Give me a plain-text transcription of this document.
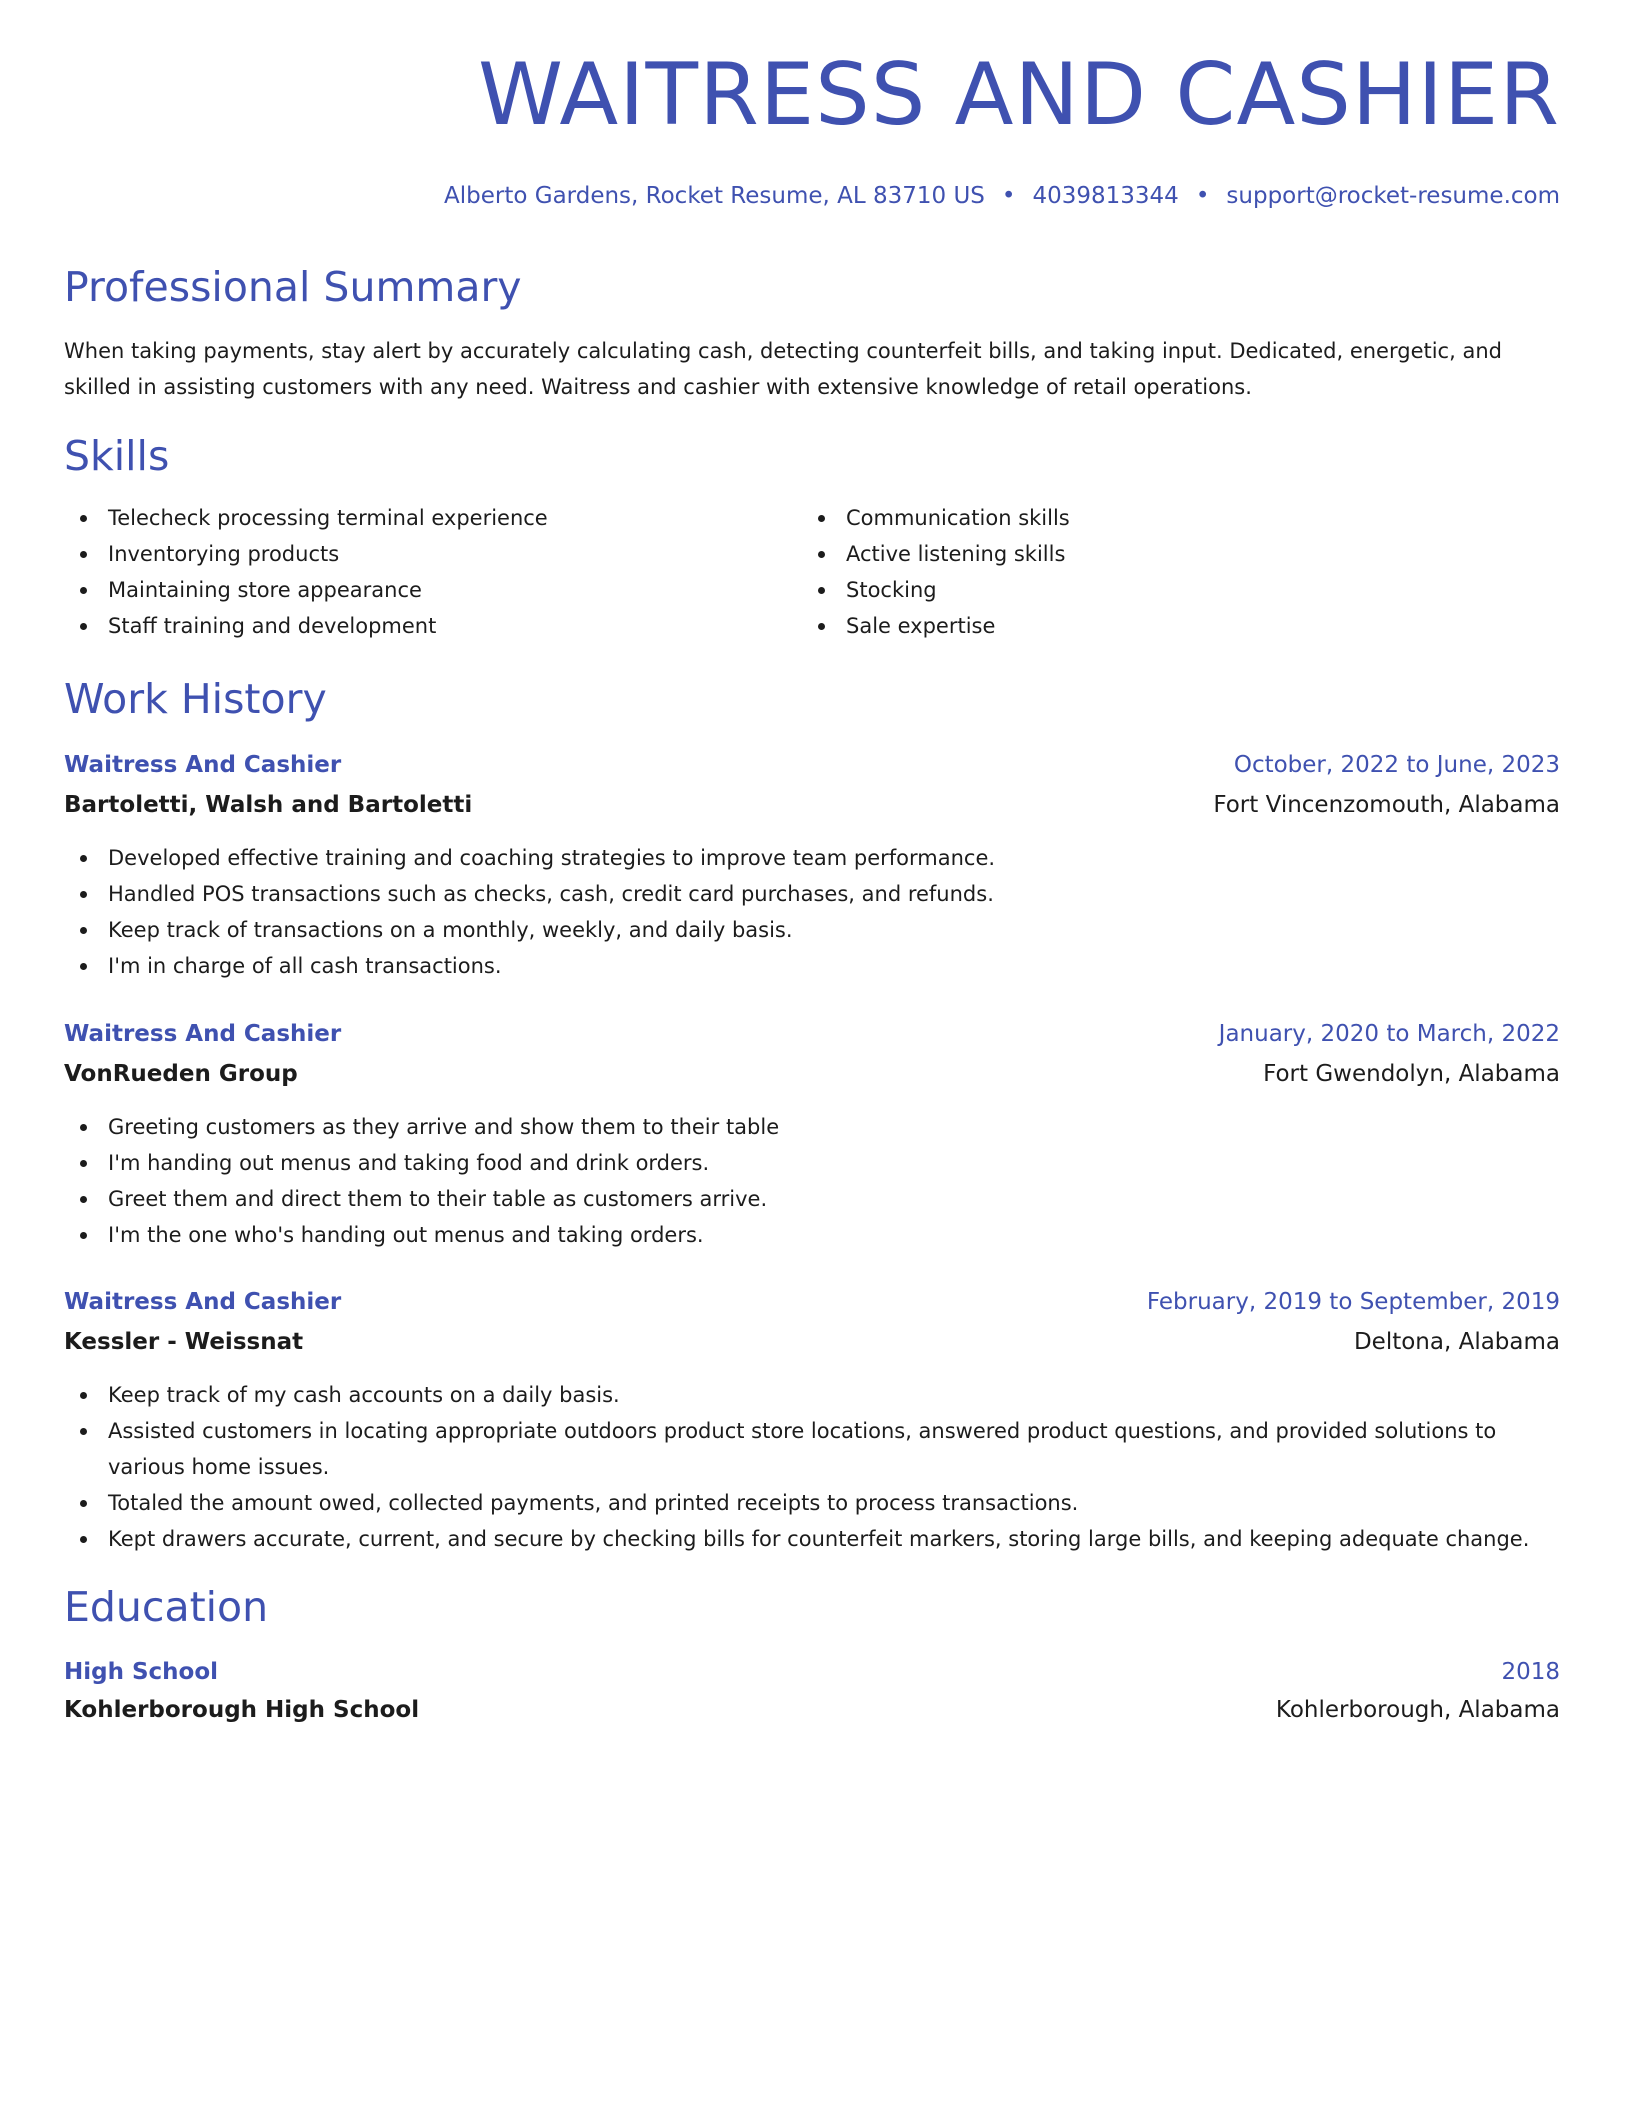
WAITRESS AND CASHIER
Alberto Gardens, Rocket Resume, AL 83710 US • 4039813344 • support@rocket-resume.com
Professional Summary

When taking payments, stay alert by accurately calculating cash, detecting counterfeit bills, and taking input. Dedicated, energetic, and skilled in assisting customers with any need. Waitress and cashier with extensive knowledge of retail operations.

Skills
Telecheck processing terminal experience
Inventorying products
Maintaining store appearance
Staff training and development
Communication skills
Active listening skills
Stocking
Sale expertise
Work History
Waitress And Cashier	October, 2022 to June, 2023
Bartoletti, Walsh and Bartoletti	Fort Vincenzomouth, Alabama
Developed effective training and coaching strategies to improve team performance.
Handled POS transactions such as checks, cash, credit card purchases, and refunds.
Keep track of transactions on a monthly, weekly, and daily basis.
I'm in charge of all cash transactions.
Waitress And Cashier	January, 2020 to March, 2022
VonRueden Group	Fort Gwendolyn, Alabama
Greeting customers as they arrive and show them to their table
I'm handing out menus and taking food and drink orders.
Greet them and direct them to their table as customers arrive.
I'm the one who's handing out menus and taking orders.
Waitress And Cashier	February, 2019 to September, 2019
Kessler - Weissnat	Deltona, Alabama
Keep track of my cash accounts on a daily basis.
Assisted customers in locating appropriate outdoors product store locations, answered product questions, and provided solutions to various home issues.
Totaled the amount owed, collected payments, and printed receipts to process transactions.
Kept drawers accurate, current, and secure by checking bills for counterfeit markers, storing large bills, and keeping adequate change.
Education
High School	2018
Kohlerborough High School	Kohlerborough, Alabama
